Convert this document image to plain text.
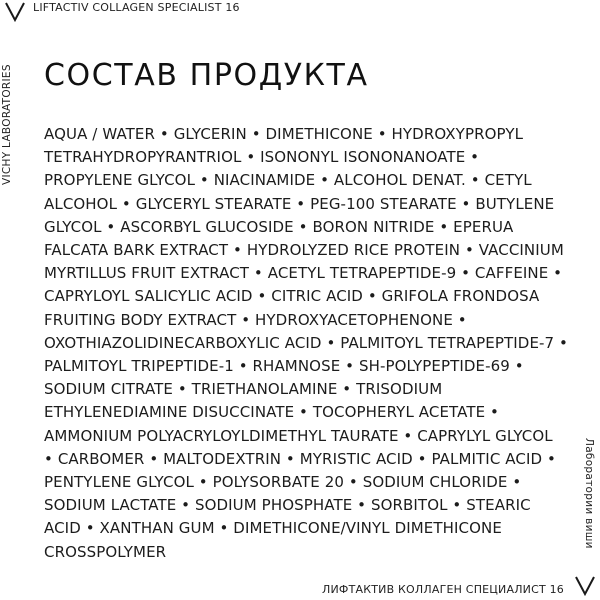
LIFTACTIV COLLAGEN SPECIALIST 16
VICHY LABORATORIES СОСТАВ ПРОДУКТА
AQUA / WATER • GLYCERIN • DIMETHICONE • HYDROXYPROPYL
TETRAHYDROPYRANTRIOL • ISONONYL ISONONANOATE •
PROPYLENE GLYCOL • NIACINAMIDE • ALCOHOL DENAT. • CETYL
ALCOHOL • GLYCERYL STEARATE • PEG-100 STEARATE • BUTYLENE
GLYCOL • ASCORBYL GLUCOSIDE • BORON NITRIDE • EPERUA
FALCATA BARK EXTRACT • HYDROLYZED RICE PROTEIN • VACCINIUM
MYRTILLUS FRUIT EXTRACT • ACETYL TETRAPEPTIDE-9 • CAFFEINE •
CAPRYLOYL SALICYLIC ACID • CITRIC ACID • GRIFOLA FRONDOSA
FRUITING BODY EXTRACT • HYDROXYACETOPHENONE •
OXOTHIAZOLIDINECARBOXYLIC ACID • PALMITOYL TETRAPEPTIDE-7 •
PALMITOYL TRIPEPTIDE-1 • RHAMNOSE • SH-POLYPEPTIDE-69 •
SODIUM CITRATE • TRIETHANOLAMINE • TRISODIUM
ETHYLENEDIAMINE DISUCCINATE • TOCOPHERYL ACETATE •
AMMONIUM POLYACRYLOYLDIMETHYL TAURATE • CAPRYLYL GLYCOL
• CARBOMER • MALTODEXTRIN • MYRISTIC ACID • PALMITIC ACID •
PENTYLENE GLYCOL • POLYSORBATE 20 • SODIUM CHLORIDE •
SODIUM LACTATE • SODIUM PHOSPHATE • SORBITOL • STEARIC
ACID • XANTHAN GUM • DIMETHICONE/VINYL DIMETHICONE
CROSSPOLYMER
Лаборатории виши
ЛИФТАКТИВ КОЛЛАГЕН СПЕЦИАЛИСТ 16
